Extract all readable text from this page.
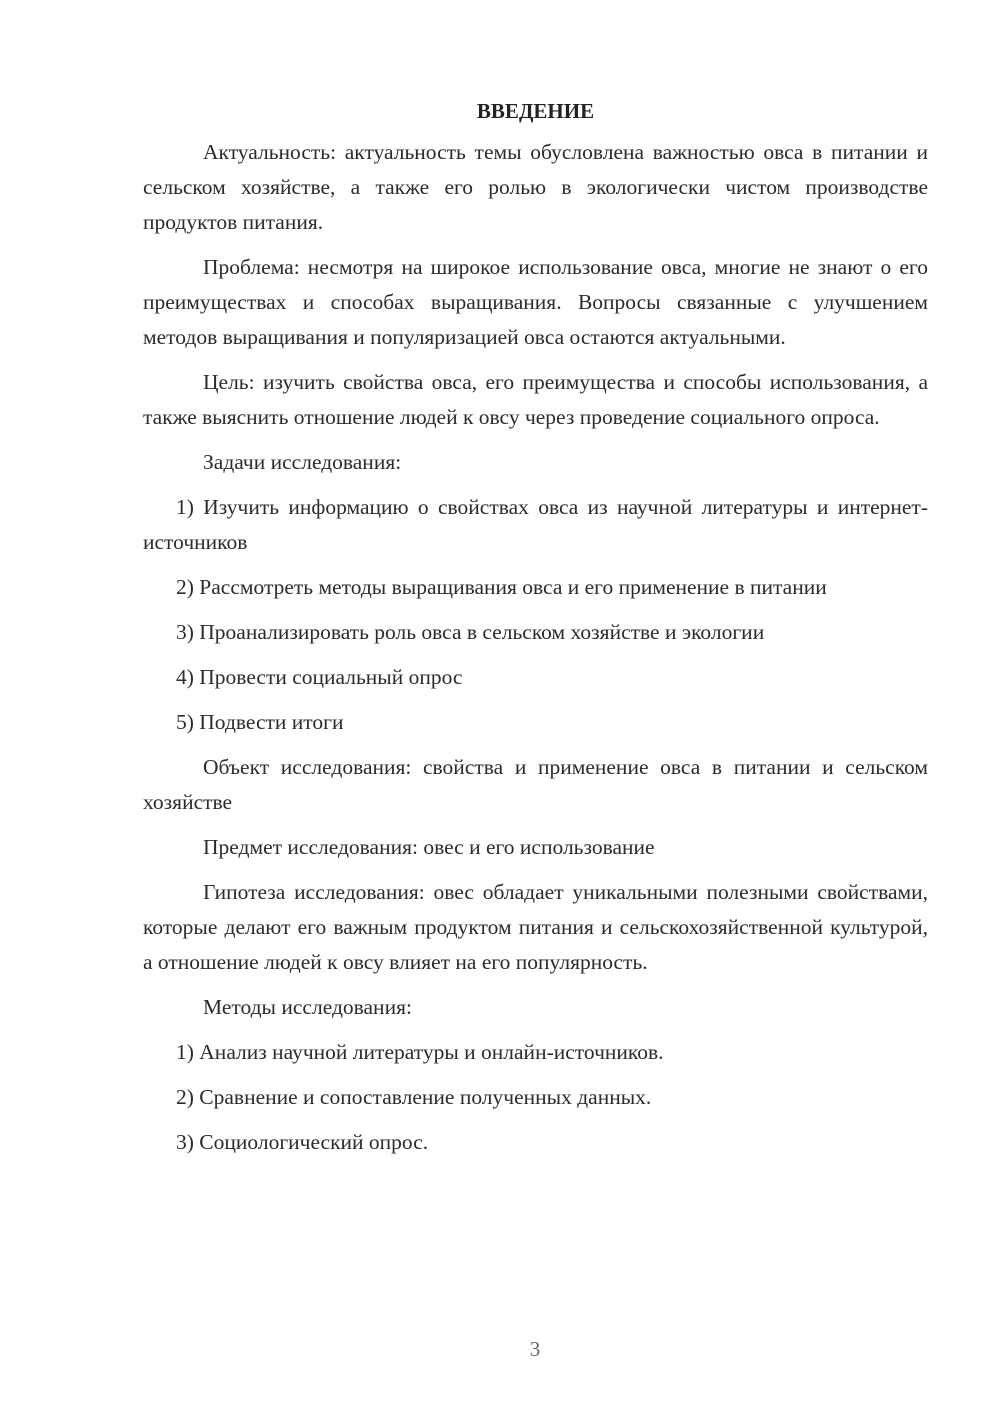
ВВЕДЕНИЕ

Актуальность: актуальность темы обусловлена важностью овса в питании и сельском хозяйстве, а также его ролью в экологически чистом производстве продуктов питания.

Проблема: несмотря на широкое использование овса, многие не знают о его преимуществах и способах выращивания. Вопросы связанные с улучшением методов выращивания и популяризацией овса остаются актуальными.

Цель: изучить свойства овса, его преимущества и способы использования, а также выяснить отношение людей к овсу через проведение социального опроса.

Задачи исследования:

1) Изучить информацию о свойствах овса из научной литературы и интернет-источников

2) Рассмотреть методы выращивания овса и его применение в питании

3) Проанализировать роль овса в сельском хозяйстве и экологии

4) Провести социальный опрос

5) Подвести итоги

Объект исследования: свойства и применение овса в питании и сельском хозяйстве

Предмет исследования: овес и его использование

Гипотеза исследования: овес обладает уникальными полезными свойствами, которые делают его важным продуктом питания и сельскохозяйственной культурой, а отношение людей к овсу влияет на его популярность.

Методы исследования:

1) Анализ научной литературы и онлайн-источников.

2) Сравнение и сопоставление полученных данных.

3) Социологический опрос.

3
